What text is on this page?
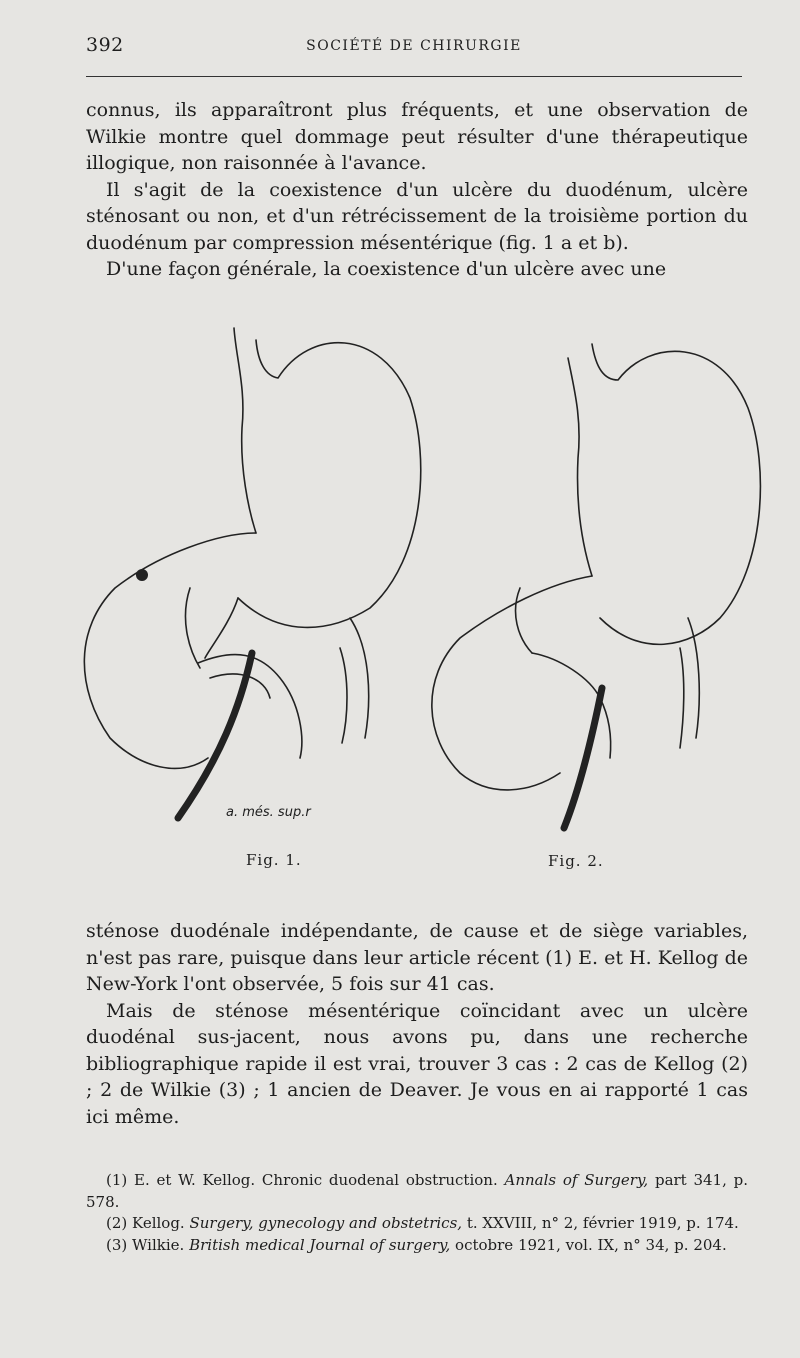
392	SOCIÉTÉ DE CHIRURGIE

connus, ils apparaîtront plus fréquents, et une observation de Wilkie montre quel dommage peut résulter d'une thérapeutique illogique, non raisonnée à l'avance.

Il s'agit de la coexistence d'un ulcère du duodénum, ulcère sténosant ou non, et d'un rétrécissement de la troisième portion du duodénum par compression mésentérique (fig. 1 a et b).

D'une façon générale, la coexistence d'un ulcère avec une

a. més. sup.r
Fig. 1.	Fig. 2.

sténose duodénale indépendante, de cause et de siège variables, n'est pas rare, puisque dans leur article récent (1) E. et H. Kellog de New-York l'ont observée, 5 fois sur 41 cas.

Mais de sténose mésentérique coïncidant avec un ulcère duodénal sus-jacent, nous avons pu, dans une recherche bibliographique rapide il est vrai, trouver 3 cas : 2 cas de Kellog (2) ; 2 de Wilkie (3) ; 1 ancien de Deaver. Je vous en ai rapporté 1 cas ici même.

(1) E. et W. Kellog. Chronic duodenal obstruction. Annals of Surgery, part 341, p. 578.

(2) Kellog. Surgery, gynecology and obstetrics, t. XXVIII, n° 2, février 1919, p. 174.

(3) Wilkie. British medical Journal of surgery, octobre 1921, vol. IX, n° 34, p. 204.
